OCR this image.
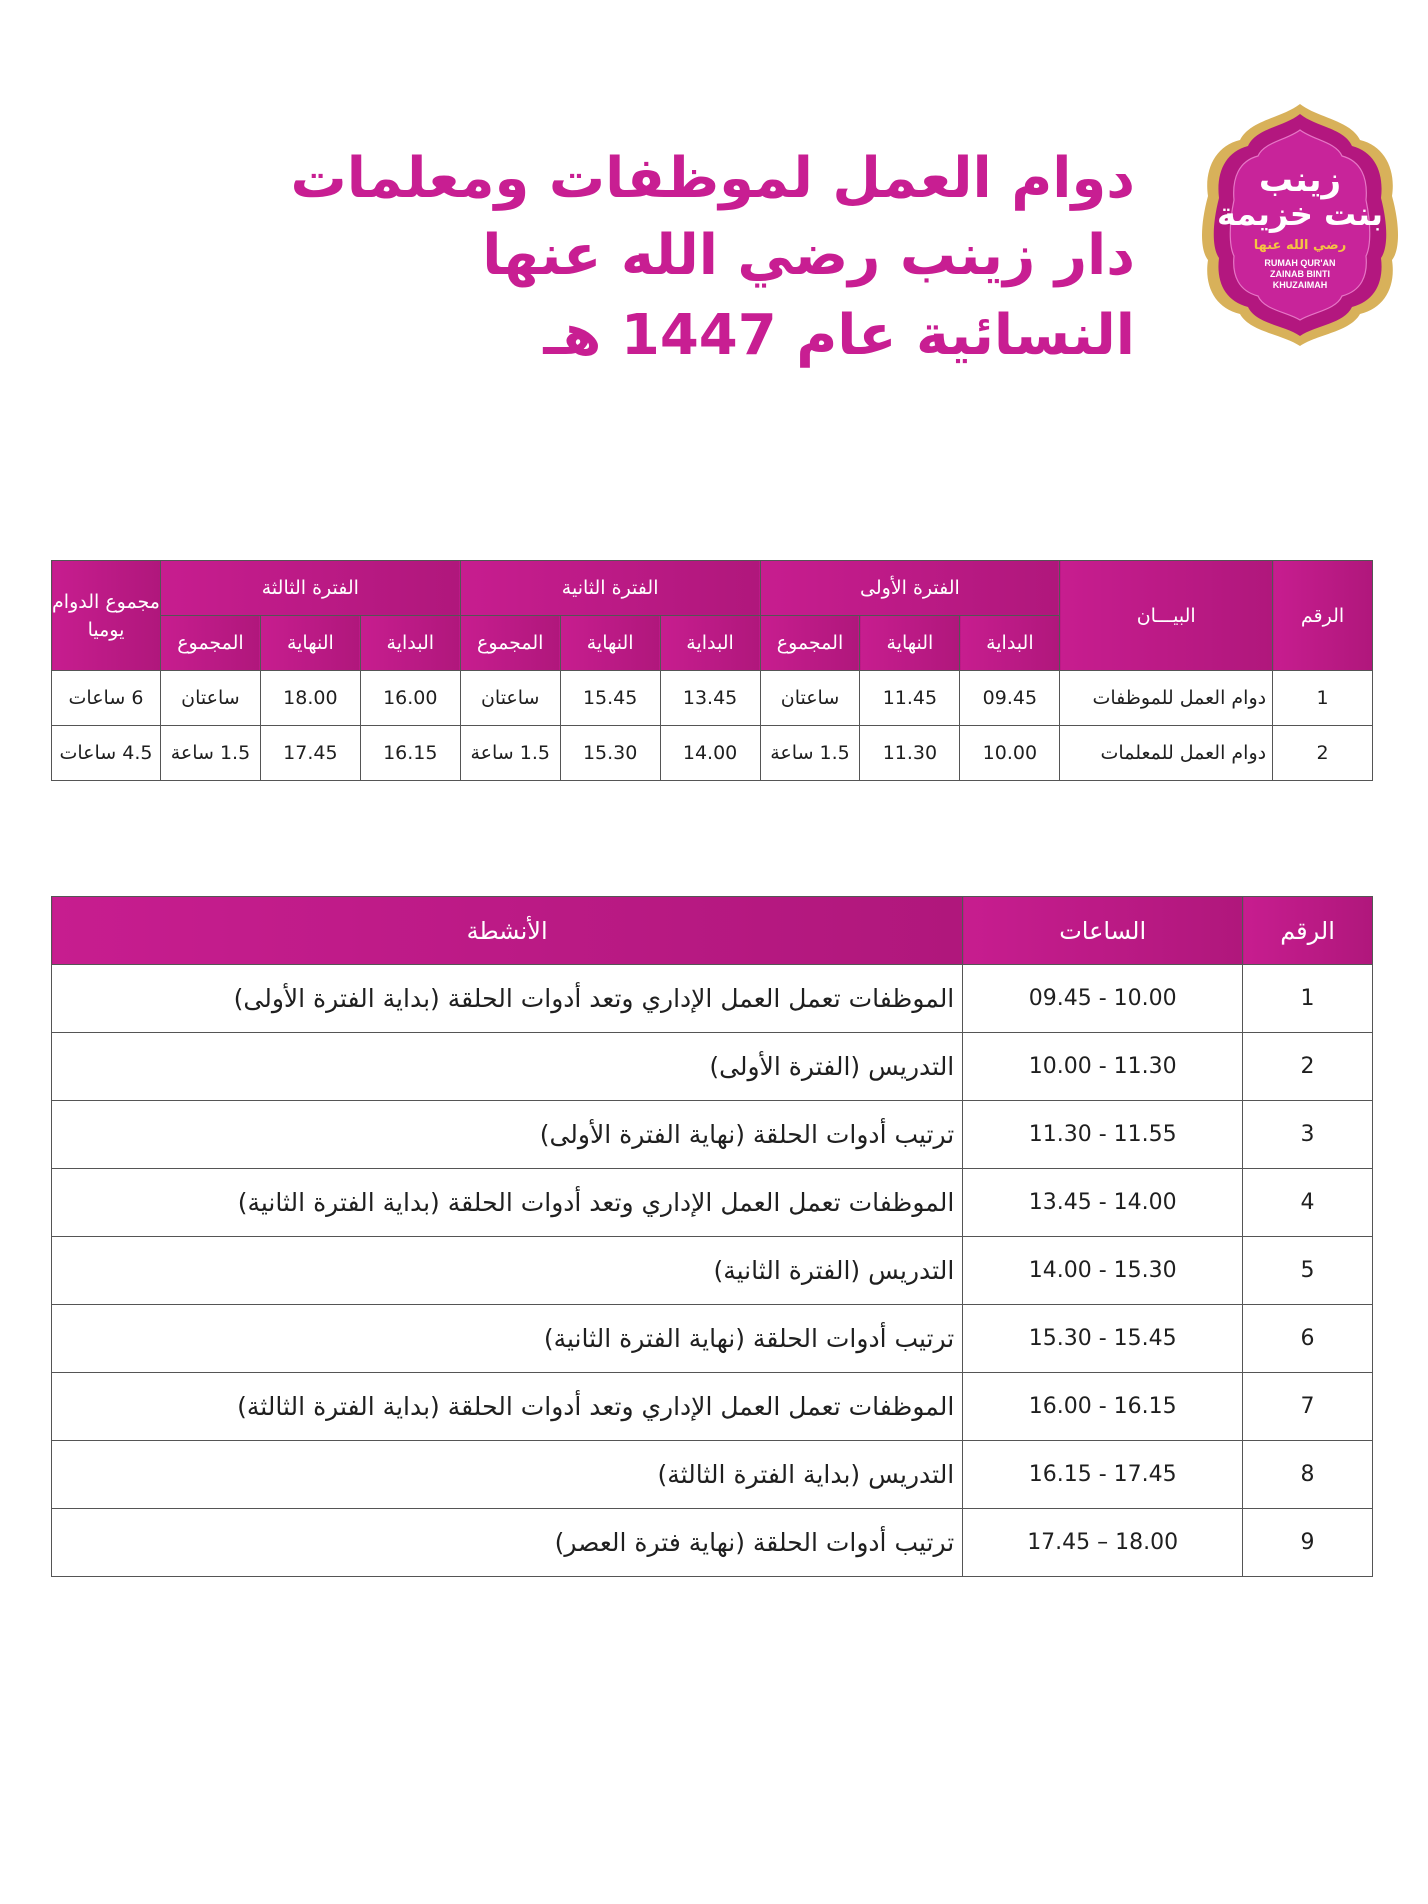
زينب
بنت خزيمة
رضي الله عنها
RUMAH QUR'AN ZAINAB BINTI KHUZAIMAH
دوام العمل لموظفات ومعلمات
دار زينب رضي الله عنها النسائية عام 1447 هـ
الرقم	البيـــان	الفترة الأولى			الفترة الثانية			الفترة الثالثة			مجموع الدوام يوميا
		البداية	النهاية	المجموع	البداية	النهاية	المجموع	البداية	النهاية	المجموع	
1	دوام العمل للموظفات	09.45	11.45	ساعتان	13.45	15.45	ساعتان	16.00	18.00	ساعتان	6 ساعات
2	دوام العمل للمعلمات	10.00	11.30	1.5 ساعة	14.00	15.30	1.5 ساعة	16.15	17.45	1.5 ساعة	4.5 ساعات
الرقم	الساعات	الأنشطة
1	09.45 - 10.00	الموظفات تعمل العمل الإداري وتعد أدوات الحلقة (بداية الفترة الأولى)
2	10.00 - 11.30	التدريس (الفترة الأولى)
3	11.30 - 11.55	ترتيب أدوات الحلقة (نهاية الفترة الأولى)
4	13.45 - 14.00	الموظفات تعمل العمل الإداري وتعد أدوات الحلقة (بداية الفترة الثانية)
5	14.00 - 15.30	التدريس (الفترة الثانية)
6	15.30 - 15.45	ترتيب أدوات الحلقة (نهاية الفترة الثانية)
7	16.00 - 16.15	الموظفات تعمل العمل الإداري وتعد أدوات الحلقة (بداية الفترة الثالثة)
8	16.15 - 17.45	التدريس (بداية الفترة الثالثة)
9	17.45 – 18.00	ترتيب أدوات الحلقة (نهاية فترة العصر)
